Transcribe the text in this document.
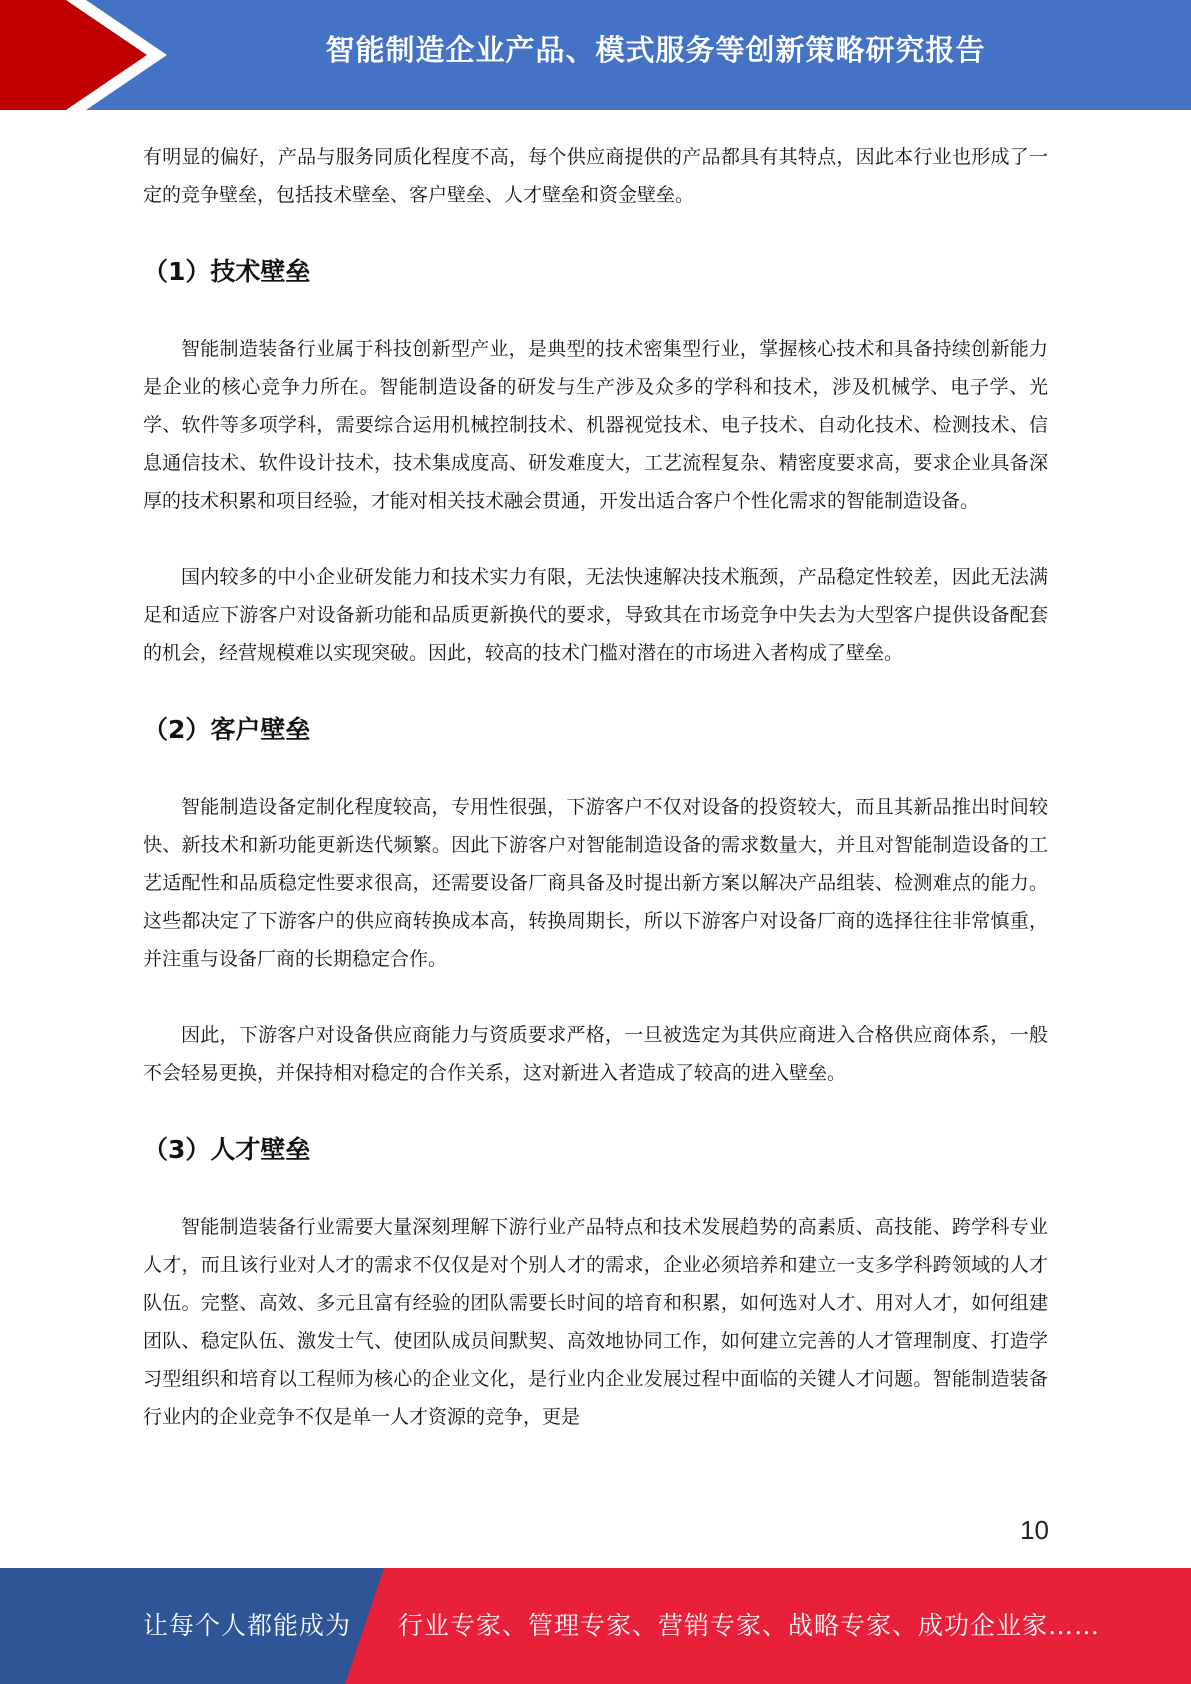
智能制造企业产品、模式服务等创新策略研究报告

有明显的偏好，产品与服务同质化程度不高，每个供应商提供的产品都具有其特点，因此本行业也形成了一定的竞争壁垒，包括技术壁垒、客户壁垒、人才壁垒和资金壁垒。

（1）技术壁垒

智能制造装备行业属于科技创新型产业，是典型的技术密集型行业，掌握核心技术和具备持续创新能力是企业的核心竞争力所在。智能制造设备的研发与生产涉及众多的学科和技术，涉及机械学、电子学、光学、软件等多项学科，需要综合运用机械控制技术、机器视觉技术、电子技术、自动化技术、检测技术、信息通信技术、软件设计技术，技术集成度高、研发难度大，工艺流程复杂、精密度要求高，要求企业具备深厚的技术积累和项目经验，才能对相关技术融会贯通，开发出适合客户个性化需求的智能制造设备。

国内较多的中小企业研发能力和技术实力有限，无法快速解决技术瓶颈，产品稳定性较差，因此无法满足和适应下游客户对设备新功能和品质更新换代的要求，导致其在市场竞争中失去为大型客户提供设备配套的机会，经营规模难以实现突破。因此，较高的技术门槛对潜在的市场进入者构成了壁垒。

（2）客户壁垒

智能制造设备定制化程度较高，专用性很强，下游客户不仅对设备的投资较大，而且其新品推出时间较快、新技术和新功能更新迭代频繁。因此下游客户对智能制造设备的需求数量大，并且对智能制造设备的工艺适配性和品质稳定性要求很高，还需要设备厂商具备及时提出新方案以解决产品组装、检测难点的能力。这些都决定了下游客户的供应商转换成本高，转换周期长，所以下游客户对设备厂商的选择往往非常慎重，并注重与设备厂商的长期稳定合作。

因此，下游客户对设备供应商能力与资质要求严格，一旦被选定为其供应商进入合格供应商体系，一般不会轻易更换，并保持相对稳定的合作关系，这对新进入者造成了较高的进入壁垒。

（3）人才壁垒

智能制造装备行业需要大量深刻理解下游行业产品特点和技术发展趋势的高素质、高技能、跨学科专业人才，而且该行业对人才的需求不仅仅是对个别人才的需求，企业必须培养和建立一支多学科跨领域的人才队伍。完整、高效、多元且富有经验的团队需要长时间的培育和积累，如何选对人才、用对人才，如何组建团队、稳定队伍、激发士气、使团队成员间默契、高效地协同工作，如何建立完善的人才管理制度、打造学习型组织和培育以工程师为核心的企业文化，是行业内企业发展过程中面临的关键人才问题。智能制造装备行业内的企业竞争不仅是单一人才资源的竞争，更是

10
让每个人都能成为 行业专家、管理专家、营销专家、战略专家、成功企业家……
